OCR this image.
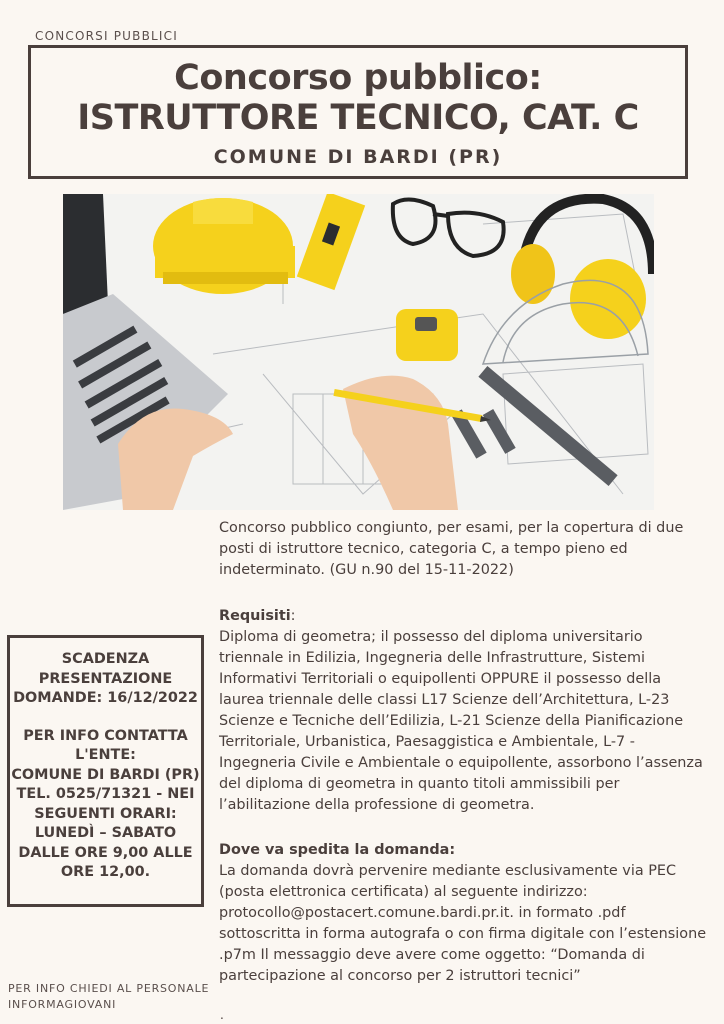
CONCORSI PUBBLICI
Concorso pubblico:
ISTRUTTORE TECNICO, CAT. C
COMUNE DI BARDI (PR)
Concorso pubblico congiunto, per esami, per la copertura di due posti di istruttore tecnico, categoria C, a tempo pieno ed indeterminato. (GU n.90 del 15-11-2022)
Requisiti:
Diploma di geometra; il possesso del diploma universitario triennale in Edilizia, Ingegneria delle Infrastrutture, Sistemi Informativi Territoriali o equipollenti OPPURE il possesso della laurea triennale delle classi L17 Scienze dell’Architettura, L-23 Scienze e Tecniche dell’Edilizia, L-21 Scienze della Pianificazione Territoriale, Urbanistica, Paesaggistica e Ambientale, L-7 - Ingegneria Civile e Ambientale o equipollente, assorbono l’assenza del diploma di geometra in quanto titoli ammissibili per l’abilitazione della professione di geometra.
Dove va spedita la domanda:
La domanda dovrà pervenire mediante esclusivamente via PEC (posta elettronica certificata) al seguente indirizzo: protocollo@postacert.comune.bardi.pr.it. in formato .pdf sottoscritta in forma autografa o con firma digitale con l’estensione .p7m Il messaggio deve avere come oggetto: “Domanda di partecipazione al concorso per 2 istruttori tecnici”

SCADENZA

PRESENTAZIONE

DOMANDE: 16/12/2022

PER INFO CONTATTA

L'ENTE:

COMUNE DI BARDI (PR)

TEL. 0525/71321 - NEI

SEGUENTI ORARI:

LUNEDÌ – SABATO

DALLE ORE 9,00 ALLE

ORE 12,00.

PER INFO CHIEDI AL PERSONALE INFORMAGIOVANI
.
